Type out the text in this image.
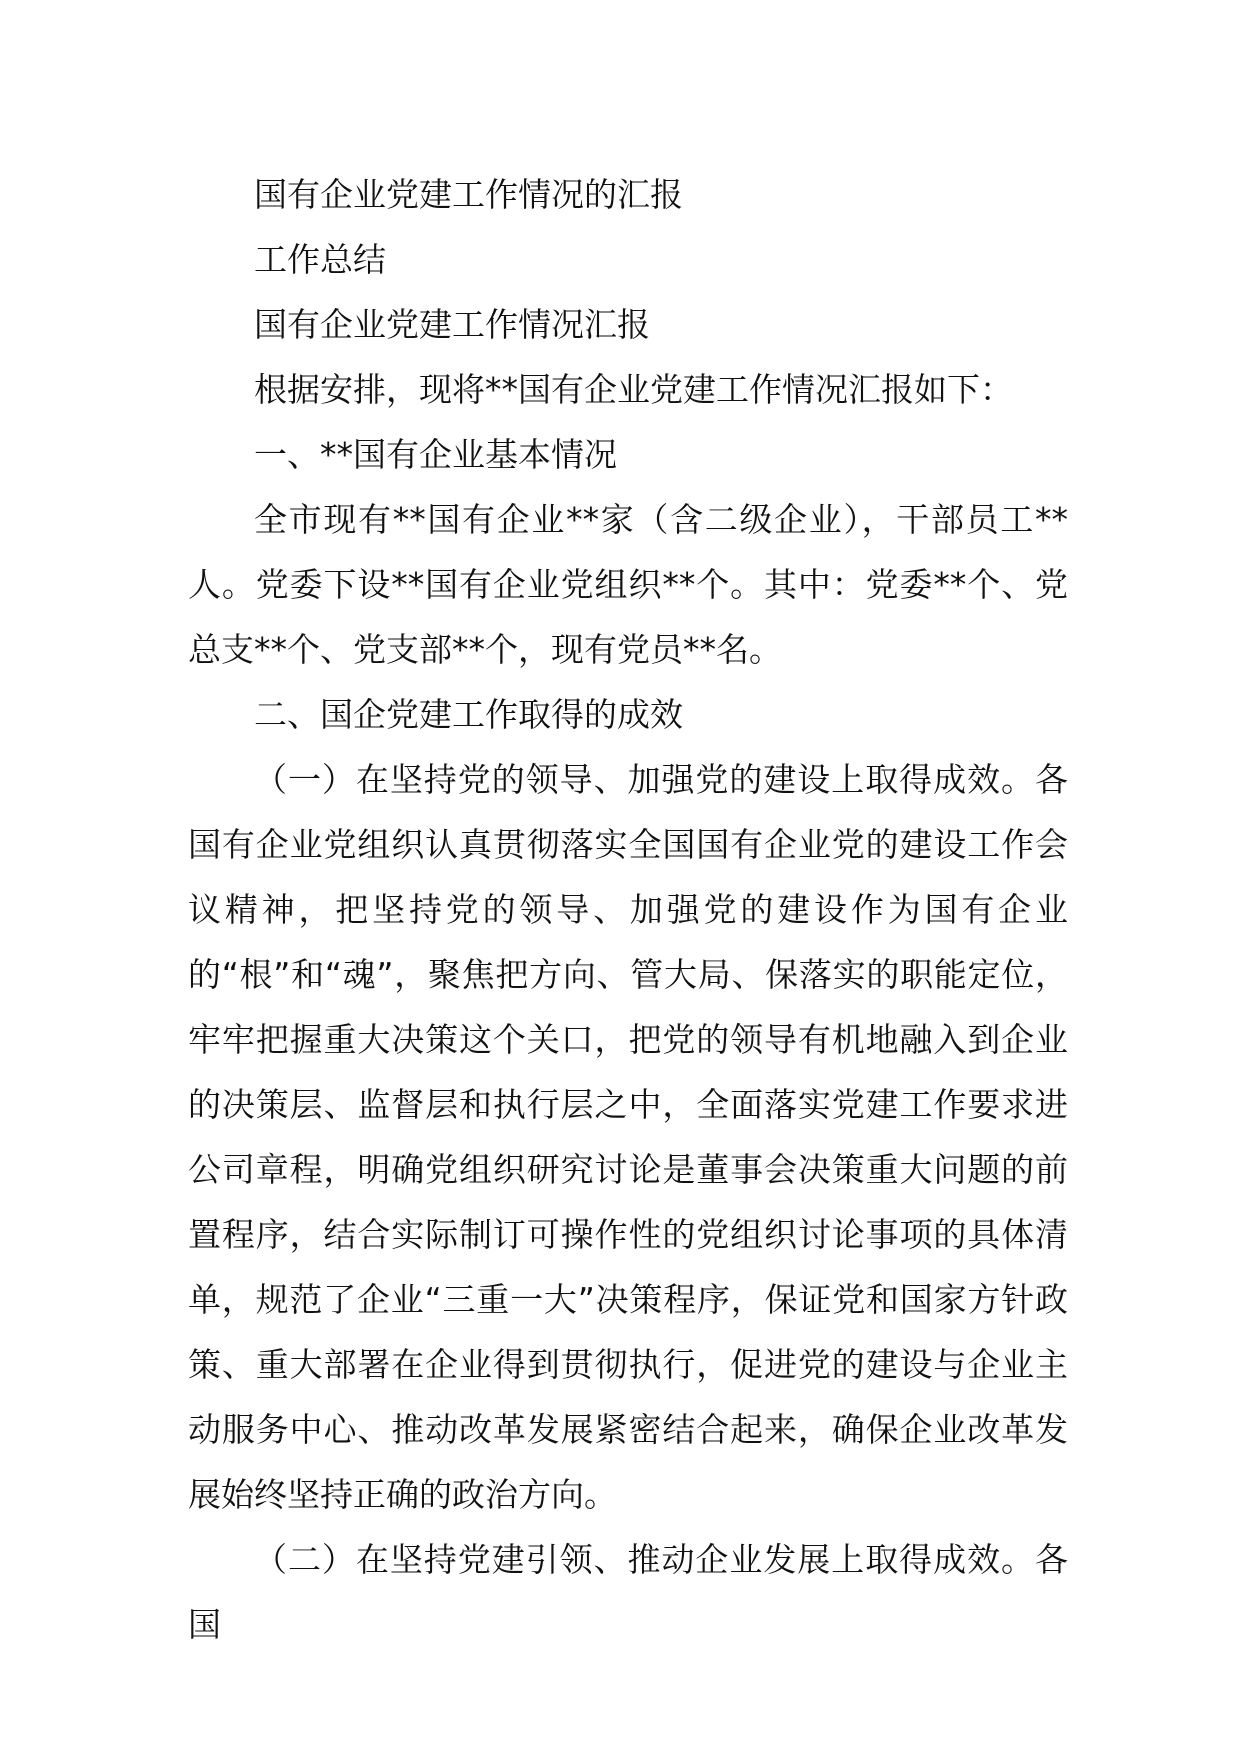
国有企业党建工作情况的汇报

工作总结

国有企业党建工作情况汇报

根据安排，现将**国有企业党建工作情况汇报如下：

一、**国有企业基本情况

全市现有**国有企业**家（含二级企业），干部员工**人。党委下设**国有企业党组织**个。其中：党委**个、党总支**个、党支部**个，现有党员**名。

二、国企党建工作取得的成效

（一）在坚持党的领导、加强党的建设上取得成效。各国有企业党组织认真贯彻落实全国国有企业党的建设工作会议精神，把坚持党的领导、加强党的建设作为国有企业的“根”和“魂”，聚焦把方向、管大局、保落实的职能定位，牢牢把握重大决策这个关口，把党的领导有机地融入到企业的决策层、监督层和执行层之中，全面落实党建工作要求进公司章程，明确党组织研究讨论是董事会决策重大问题的前置程序，结合实际制订可操作性的党组织讨论事项的具体清单，规范了企业“三重一大”决策程序，保证党和国家方针政策、重大部署在企业得到贯彻执行，促进党的建设与企业主动服务中心、推动改革发展紧密结合起来，确保企业改革发展始终坚持正确的政治方向。

（二）在坚持党建引领、推动企业发展上取得成效。各国
